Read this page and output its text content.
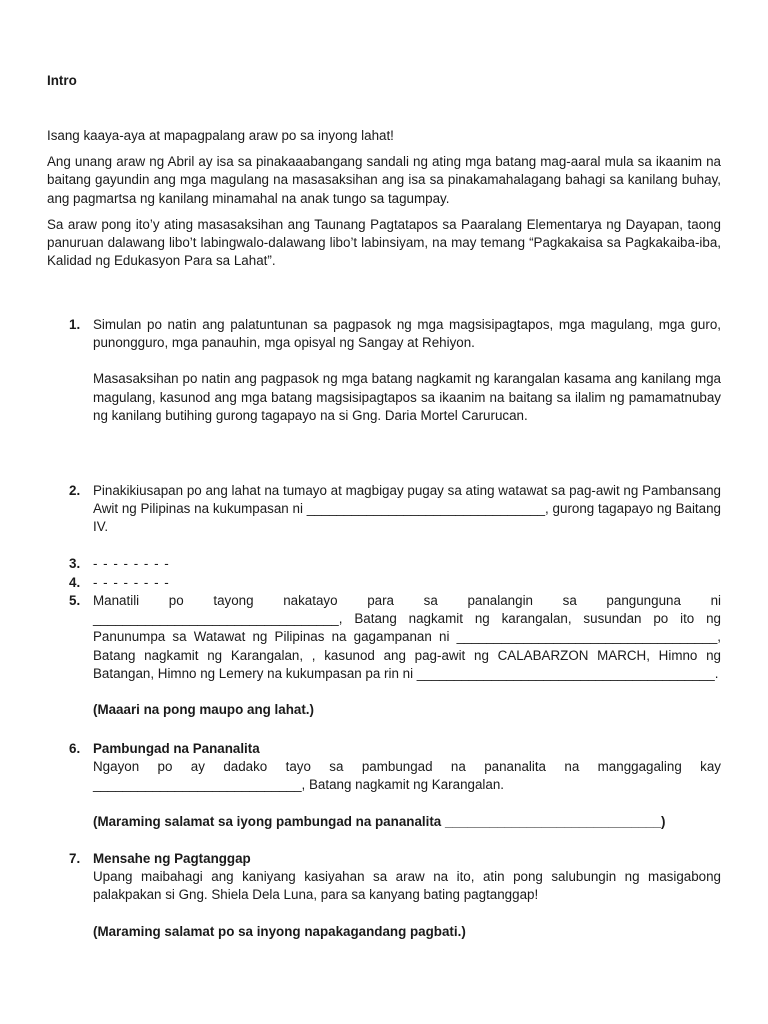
Intro

Isang kaaya-aya at mapagpalang araw po sa inyong lahat!

Ang unang araw ng Abril ay isa sa pinakaaabangang sandali ng ating mga batang mag-aaral mula sa ikaanim na baitang gayundin ang mga magulang na masasaksihan ang isa sa pinakamahalagang bahagi sa kanilang buhay, ang pagmartsa ng kanilang minamahal na anak tungo sa tagumpay.

Sa araw pong ito’y ating masasaksihan ang Taunang Pagtatapos sa Paaralang Elementarya ng Dayapan, taong panuruan dalawang libo’t labingwalo-dalawang libo’t labinsiyam, na may temang “Pagkakaisa sa Pagkakaiba-iba, Kalidad ng Edukasyon Para sa Lahat”.

1. Simulan po natin ang palatuntunan sa pagpasok ng mga magsisipagtapos, mga magulang, mga guro, punongguro, mga panauhin, mga opisyal ng Sangay at Rehiyon.

Masasaksihan po natin ang pagpasok ng mga batang nagkamit ng karangalan kasama ang kanilang mga magulang, kasunod ang mga batang magsisipagtapos sa ikaanim na baitang sa ilalim ng pamamatnubay ng kanilang butihing gurong tagapayo na si Gng. Daria Mortel Carurucan.

2. Pinakikiusapan po ang lahat na tumayo at magbigay pugay sa ating watawat sa pag-awit ng Pambansang Awit ng Pilipinas na kukumpasan ni ________________________________, gurong tagapayo ng Baitang IV.

3. - - - - - - - -

4. - - - - - - - -

5. Manatili po tayong nakatayo para sa panalangin sa pangunguna ni _________________________________, Batang nagkamit ng karangalan, susundan po ito ng Panunumpa sa Watawat ng Pilipinas na gagampanan ni ___________________________________, Batang nagkamit ng Karangalan, , kasunod ang pag-awit ng CALABARZON MARCH, Himno ng Batangan, Himno ng Lemery na kukumpasan pa rin ni ________________________________________.

(Maaari na pong maupo ang lahat.)

6. Pambungad na Pananalita

Ngayon po ay dadako tayo sa pambungad na pananalita na manggagaling kay ____________________________, Batang nagkamit ng Karangalan.

(Maraming salamat sa iyong pambungad na pananalita _____________________________)

7. Mensahe ng Pagtanggap

Upang maibahagi ang kaniyang kasiyahan sa araw na ito, atin pong salubungin ng masigabong palakpakan si Gng. Shiela Dela Luna, para sa kanyang bating pagtanggap!

(Maraming salamat po sa inyong napakagandang pagbati.)
